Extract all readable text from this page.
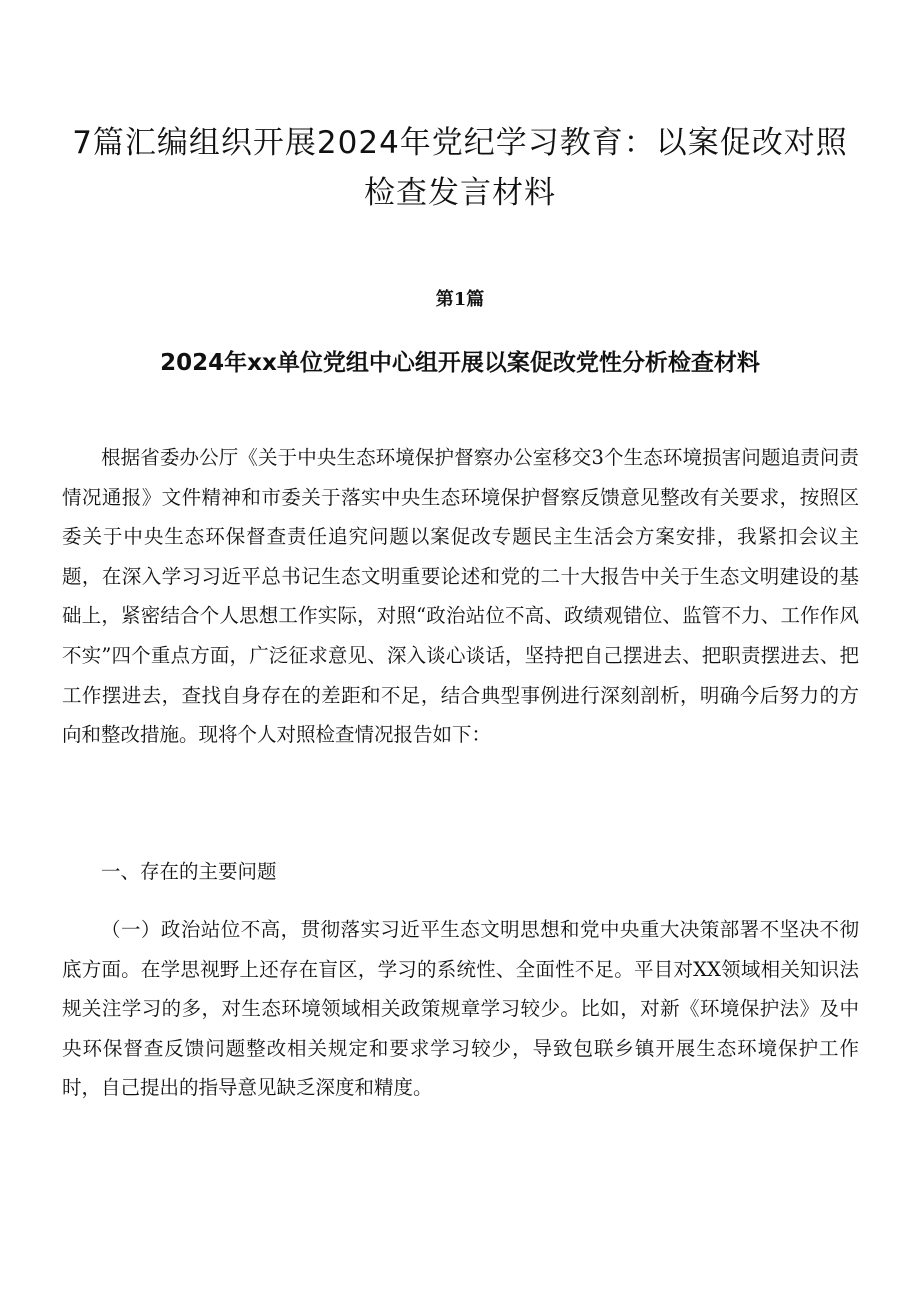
7篇汇编组织开展2024年党纪学习教育：以案促改对照检查发言材料
第1篇
2024年xx单位党组中心组开展以案促改党性分析检查材料

根据省委办公厅《关于中央生态环境保护督察办公室移交3个生态环境损害问题追责问责情况通报》文件精神和市委关于落实中央生态环境保护督察反馈意见整改有关要求，按照区委关于中央生态环保督查责任追究问题以案促改专题民主生活会方案安排，我紧扣会议主题，在深入学习习近平总书记生态文明重要论述和党的二十大报告中关于生态文明建设的基础上，紧密结合个人思想工作实际，对照“政治站位不高、政绩观错位、监管不力、工作作风不实”四个重点方面，广泛征求意见、深入谈心谈话，坚持把自己摆进去、把职责摆进去、把工作摆进去，查找自身存在的差距和不足，结合典型事例进行深刻剖析，明确今后努力的方向和整改措施。现将个人对照检查情况报告如下：

一、存在的主要问题

（一）政治站位不高，贯彻落实习近平生态文明思想和党中央重大决策部署不坚决不彻底方面。在学思视野上还存在盲区，学习的系统性、全面性不足。平目对XX领域相关知识法规关注学习的多，对生态环境领域相关政策规章学习较少。比如，对新《环境保护法》及中央环保督查反馈问题整改相关规定和要求学习较少，导致包联乡镇开展生态环境保护工作时，自己提出的指导意见缺乏深度和精度。
